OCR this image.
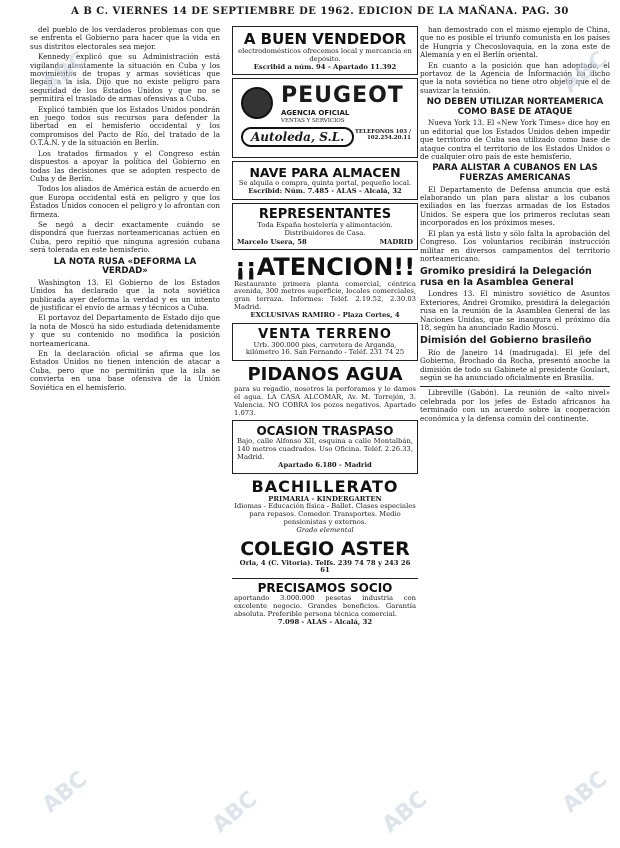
A B C. VIERNES 14 DE SEPTIEMBRE DE 1962. EDICION DE LA MAÑANA. PAG. 30

del pueblo de los verdaderos problemas con que se enfrenta el Gobierno para hacer que la vida en sus distritos electorales sea mejor.

Kennedy explicó que su Administración está vigilando atentamente la situación en Cuba y los movimientos de tropas y armas soviéticas que llegan a la isla. Dijo que no existe peligro para seguridad de los Estados Unidos y que no se permitirá el traslado de armas ofensivas a Cuba.

Explicó también que los Estados Unidos pondrán en juego todos sus recursos para defender la libertad en el hemisferio occidental y los compromisos del Pacto de Río, del tratado de la O.T.A.N. y de la situación en Berlín.

Los tratados firmados y el Congreso están dispuestos a apoyar la política del Gobierno en todas las decisiones que se adopten respecto de Cuba y de Berlín.

Todos los aliados de América están de acuerdo en que Europa occidental está en peligro y que los Estados Unidos conocen el peligro y lo afrontan con firmeza.

Se negó a decir exactamente cuándo se dispondrá que fuerzas norteamericanas actúen en Cuba, pero repitió que ninguna agresión cubana será tolerada en este hemisferio.

LA NOTA RUSA «DEFORMA LA VERDAD»

Washington 13. El Gobierno de los Estados Unidos ha declarado que la nota soviética publicada ayer deforma la verdad y es un intento de justificar el envío de armas y técnicos a Cuba.

El portavoz del Departamento de Estado dijo que la nota de Moscú ha sido estudiada detenidamente y que su contenido no modifica la posición norteamericana.

En la declaración oficial se afirma que los Estados Unidos no tienen intención de atacar a Cuba, pero que no permitirán que la isla se convierta en una base ofensiva de la Unión Soviética en el hemisferio.

A BUEN VENDEDOR
electrodomésticos ofrecemos local y mercancía en depósito.
Escribid a núm. 94 - Apartado 11.392
PEUGEOT
AGENCIA OFICIAL
VENTAS Y SERVICIOS
Autoleda, S.L.	TELEFONOS 103 / 102.254.20.11
NAVE PARA ALMACEN
Se alquila o compra, quinta portal, pequeño local.
Escribid: Núm. 7.485 - ALAS - Alcalá, 32
REPRESENTANTES
Toda España hostelería y alimentación. Distribuidores de Casa.
Marcelo Usera, 58	MADRID
¡¡ATENCION!!
Restaurante primera planta comercial, céntrica avenida, 300 metros superficie, locales comerciales, gran terraza. Informes: Teléf. 2.19.52, 2.30.03 Madrid.
EXCLUSIVAS RAMIRO - Plaza Cortes, 4
VENTA TERRENO
Urb. 300.000 pies, carretera de Arganda, kilómetro 16. San Fernando - Teléf. 231 74 25
PIDANOS AGUA
para su regadío, nosotros la perforamos y le damos el agua. LA CASA ALCOMAR, Av. M. Torrejón, 3. Valencia. NO COBRA los pozos negativos. Apartado 1.073.
OCASION TRASPASO
Bajo, calle Alfonso XII, esquina a calle Montalbán, 140 metros cuadrados. Uso Oficina. Teléf. 2.26.33, Madrid.
Apartado 6.180 - Madrid
BACHILLERATO
PRIMARIA - KINDERGARTEN
Idiomas - Educación física - Ballet. Clases especiales para repasos. Comedor. Transportes. Medio pensionistas y externos.
Grado elemental
COLEGIO ASTER
Orla, 4 (C. Vitoria). Telfs. 239 74 78 y 243 26 61
PRECISAMOS SOCIO
aportando 3.000.000 pesetas industria con excelente negocio. Grandes beneficios. Garantía absoluta. Preferible persona técnica comercial.
7.098 - ALAS - Alcalá, 32

han demostrado con el mismo ejemplo de China, que no es posible el triunfo comunista en los países de Hungría y Checoslovaquia, en la zona este de Alemania y en el Berlín oriental.

En cuanto a la posición que han adoptado, el portavoz de la Agencia de Información ha dicho que la nota soviética no tiene otro objeto que el de suavizar la tensión.

NO DEBEN UTILIZAR NORTEAMERICA COMO BASE DE ATAQUE

Nueva York 13. El «New York Times» dice hoy en un editorial que los Estados Unidos deben impedir que territorio de Cuba sea utilizado como base de ataque contra el territorio de los Estados Unidos o de cualquier otro país de este hemisferio.

PARA ALISTAR A CUBANOS EN LAS FUERZAS AMERICANAS

El Departamento de Defensa anuncia que está elaborando un plan para alistar a los cubanos exiliados en las fuerzas armadas de los Estados Unidos. Se espera que los primeros reclutas sean incorporados en los próximos meses.

El plan ya está listo y sólo falta la aprobación del Congreso. Los voluntarios recibirán instrucción militar en diversos campamentos del territorio norteamericano.

Gromiko presidirá la Delegación rusa en la Asamblea General

Londres 13. El ministro soviético de Asuntos Exteriores, Andrei Gromiko, presidirá la delegación rusa en la reunión de la Asamblea General de las Naciones Unidas, que se inaugura el próximo día 18, según ha anunciado Radio Moscú.

Dimisión del Gobierno brasileño

Río de Janeiro 14 (madrugada). El jefe del Gobierno, Brochado da Rocha, presentó anoche la dimisión de todo su Gabinete al presidente Goulart, según se ha anunciado oficialmente en Brasilia.

Libreville (Gabón). La reunión de «alto nivel» celebrada por los jefes de Estado africanos ha terminado con un acuerdo sobre la cooperación económica y la defensa común del continente.

ABC	ABC
ABC	ABC
ABC	ABC
